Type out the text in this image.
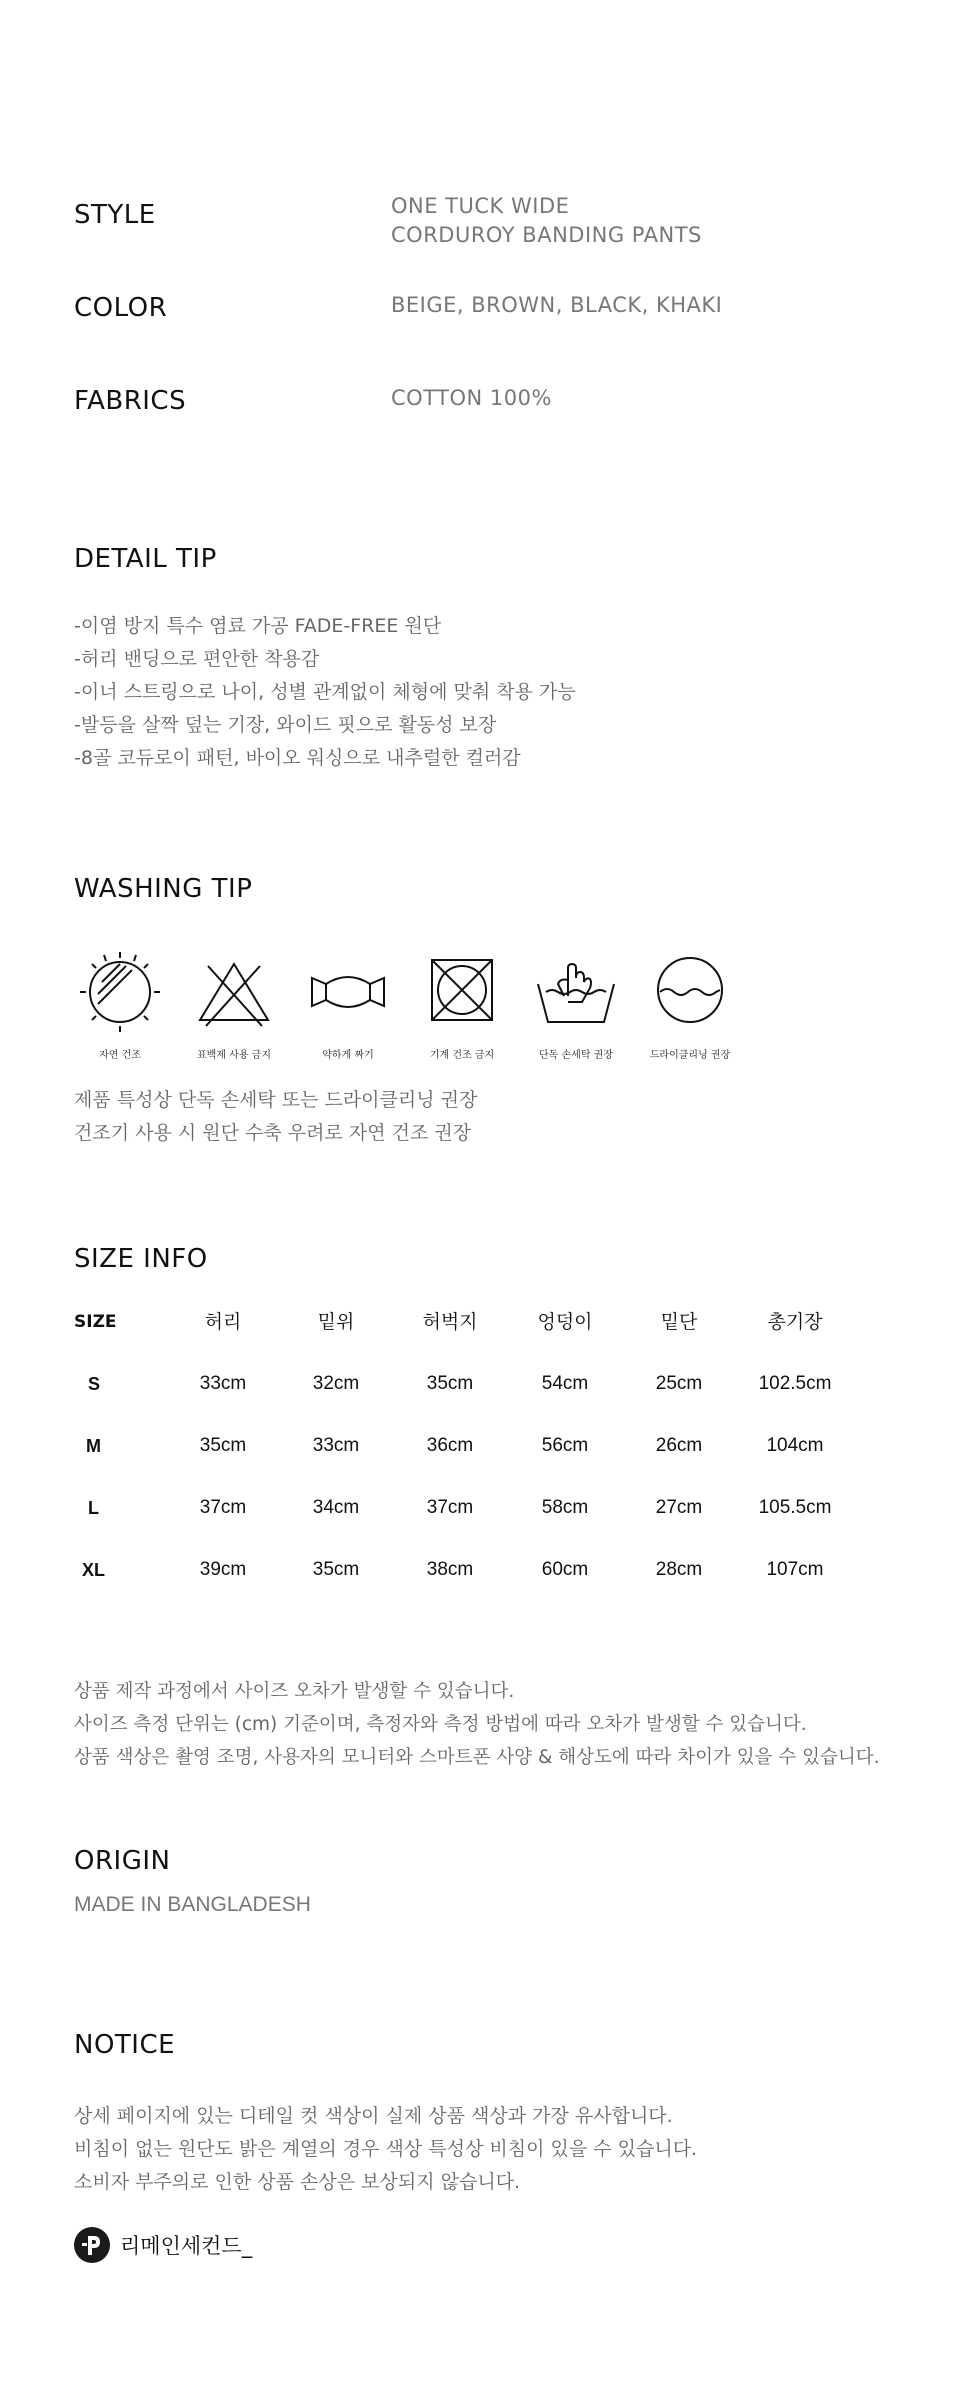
STYLE	ONE TUCK WIDE
CORDUROY BANDING PANTS
COLOR	BEIGE, BROWN, BLACK, KHAKI
FABRICS	COTTON 100%
DETAIL TIP
-이염 방지 특수 염료 가공 FADE-FREE 원단
-허리 밴딩으로 편안한 착용감
-이너 스트링으로 나이, 성별 관계없이 체형에 맞춰 착용 가능
-발등을 살짝 덮는 기장, 와이드 핏으로 활동성 보장
-8골 코듀로이 패턴, 바이오 워싱으로 내추럴한 컬러감
WASHING TIP
자연 건조	표백제 사용 금지	약하게 짜기	기계 건조 금지	단독 손세탁 권장	드라이클리닝 권장
제품 특성상 단독 손세탁 또는 드라이클리닝 권장
건조기 사용 시 원단 수축 우려로 자연 건조 권장
SIZE INFO
SIZE	허리	밑위	허벅지	엉덩이	밑단	총기장
S	33cm	32cm	35cm	54cm	25cm	102.5cm
M	35cm	33cm	36cm	56cm	26cm	104cm
L	37cm	34cm	37cm	58cm	27cm	105.5cm
XL	39cm	35cm	38cm	60cm	28cm	107cm
상품 제작 과정에서 사이즈 오차가 발생할 수 있습니다.
사이즈 측정 단위는 (cm) 기준이며, 측정자와 측정 방법에 따라 오차가 발생할 수 있습니다.
상품 색상은 촬영 조명, 사용자의 모니터와 스마트폰 사양 & 해상도에 따라 차이가 있을 수 있습니다.
ORIGIN
MADE IN BANGLADESH
NOTICE
상세 페이지에 있는 디테일 컷 색상이 실제 상품 색상과 가장 유사합니다.
비침이 없는 원단도 밝은 계열의 경우 색상 특성상 비침이 있을 수 있습니다.
소비자 부주의로 인한 상품 손상은 보상되지 않습니다.
리메인세컨드_
